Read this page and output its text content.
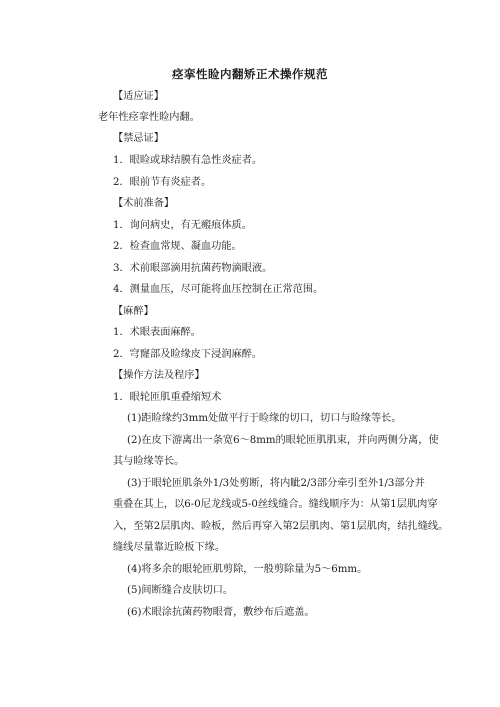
痉挛性睑内翻矫正术操作规范
【适应证】
老年性痉挛性睑内翻。
【禁忌证】
1．眼睑或球结膜有急性炎症者。
2．眼前节有炎症者。
【术前准备】
1．询问病史，有无瘢痕体质。
2．检查血常规、凝血功能。
3．术前眼部滴用抗菌药物滴眼液。
4．测量血压，尽可能将血压控制在正常范围。
【麻醉】
1．术眼表面麻醉。
2．穹窿部及睑缘皮下浸润麻醉。
【操作方法及程序】
1．眼轮匝肌重叠缩短术
(1)距睑缘约3mm处做平行于睑缘的切口，切口与睑缘等长。
(2)在皮下游离出一条宽6～8mm的眼轮匝肌肌束，并向两侧分离，使
其与睑缘等长。
(3)于眼轮匝肌条外1/3处剪断，将内眦2/3部分牵引至外1/3部分并
重叠在其上，以6-0尼龙线或5-0丝线缝合。缝线顺序为：从第1层肌肉穿
入，至第2层肌肉、睑板，然后再穿入第2层肌肉、第1层肌肉，结扎缝线。
缝线尽量靠近睑板下缘。
(4)将多余的眼轮匝肌剪除，一般剪除量为5～6mm。
(5)间断缝合皮肤切口。
(6)术眼涂抗菌药物眼膏，敷纱布后遮盖。
